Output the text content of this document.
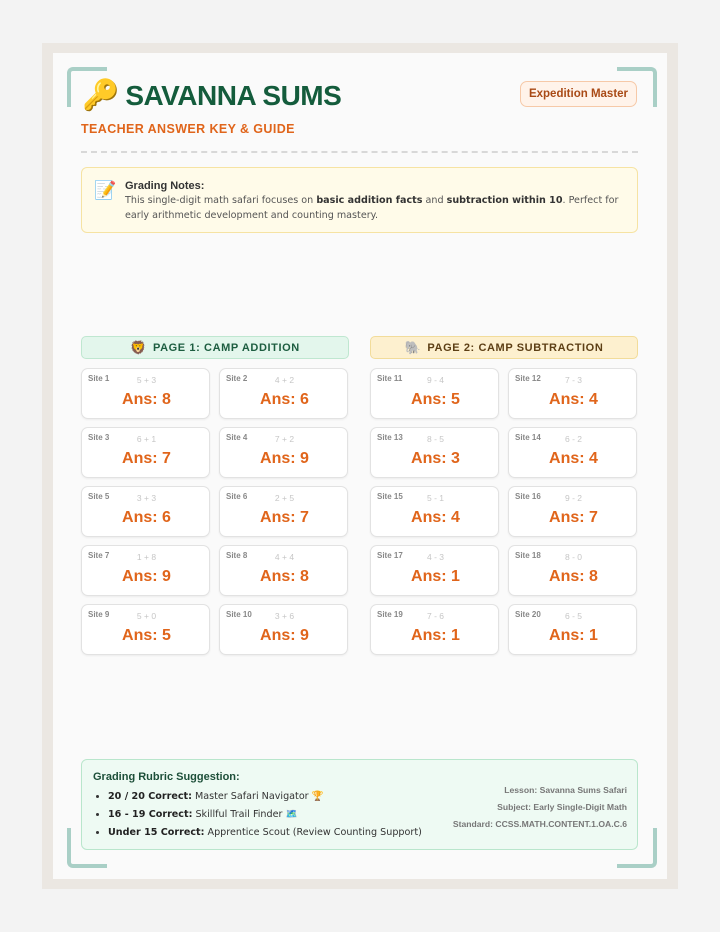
🔑 SAVANNA SUMS
TEACHER ANSWER KEY & GUIDE
Expedition Master
📝 Grading Notes:
This single-digit math safari focuses on basic addition facts and subtraction within 10. Perfect for early arithmetic development and counting mastery.
🦁 PAGE 1: CAMP ADDITION	🐘 PAGE 2: CAMP SUBTRACTION
Site 1	5 + 3
Ans: 8
Site 2	4 + 2
Ans: 6
Site 3	6 + 1
Ans: 7
Site 4	7 + 2
Ans: 9
Site 5	3 + 3
Ans: 6
Site 6	2 + 5
Ans: 7
Site 7	1 + 8
Ans: 9
Site 8	4 + 4
Ans: 8
Site 9	5 + 0
Ans: 5
Site 10	3 + 6
Ans: 9
Site 11	9 - 4
Ans: 5
Site 12	7 - 3
Ans: 4
Site 13	8 - 5
Ans: 3
Site 14	6 - 2
Ans: 4
Site 15	5 - 1
Ans: 4
Site 16	9 - 2
Ans: 7
Site 17	4 - 3
Ans: 1
Site 18	8 - 0
Ans: 8
Site 19	7 - 6
Ans: 1
Site 20	6 - 5
Ans: 1
Grading Rubric Suggestion:
• 20 / 20 Correct: Master Safari Navigator 🏆
• 16 - 19 Correct: Skillful Trail Finder 🗺️
• Under 15 Correct: Apprentice Scout (Review Counting Support)
Lesson: Savanna Sums Safari
Subject: Early Single-Digit Math
Standard: CCSS.MATH.CONTENT.1.OA.C.6
